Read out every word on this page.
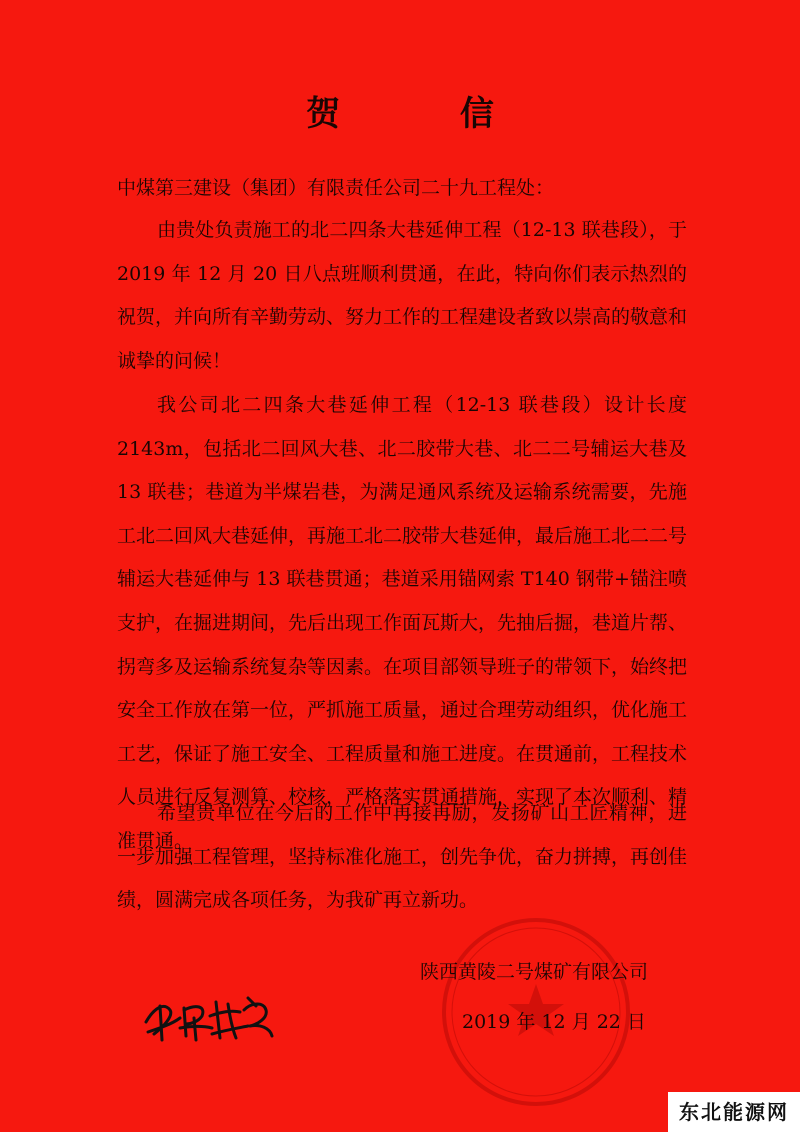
贺 信
中煤第三建设（集团）有限责任公司二十九工程处：

由贵处负责施工的北二四条大巷延伸工程（12-13 联巷段），于 2019 年 12 月 20 日八点班顺利贯通，在此，特向你们表示热烈的祝贺，并向所有辛勤劳动、努力工作的工程建设者致以崇高的敬意和诚挚的问候！

我公司北二四条大巷延伸工程（12-13 联巷段）设计长度 2143m，包括北二回风大巷、北二胶带大巷、北二二号辅运大巷及 13 联巷；巷道为半煤岩巷，为满足通风系统及运输系统需要，先施工北二回风大巷延伸，再施工北二胶带大巷延伸，最后施工北二二号辅运大巷延伸与 13 联巷贯通；巷道采用锚网索 T140 钢带+锚注喷支护，在掘进期间，先后出现工作面瓦斯大，先抽后掘，巷道片帮、拐弯多及运输系统复杂等因素。在项目部领导班子的带领下，始终把安全工作放在第一位，严抓施工质量，通过合理劳动组织，优化施工工艺，保证了施工安全、工程质量和施工进度。在贯通前，工程技术人员进行反复测算、校核，严格落实贯通措施，实现了本次顺利、精准贯通。

希望贵单位在今后的工作中再接再励，发扬矿山工匠精神，进一步加强工程管理，坚持标准化施工，创先争优，奋力拼搏，再创佳绩，圆满完成各项任务，为我矿再立新功。

陕西黄陵二号煤矿有限公司
2019 年 12 月 22 日
东北能源网
